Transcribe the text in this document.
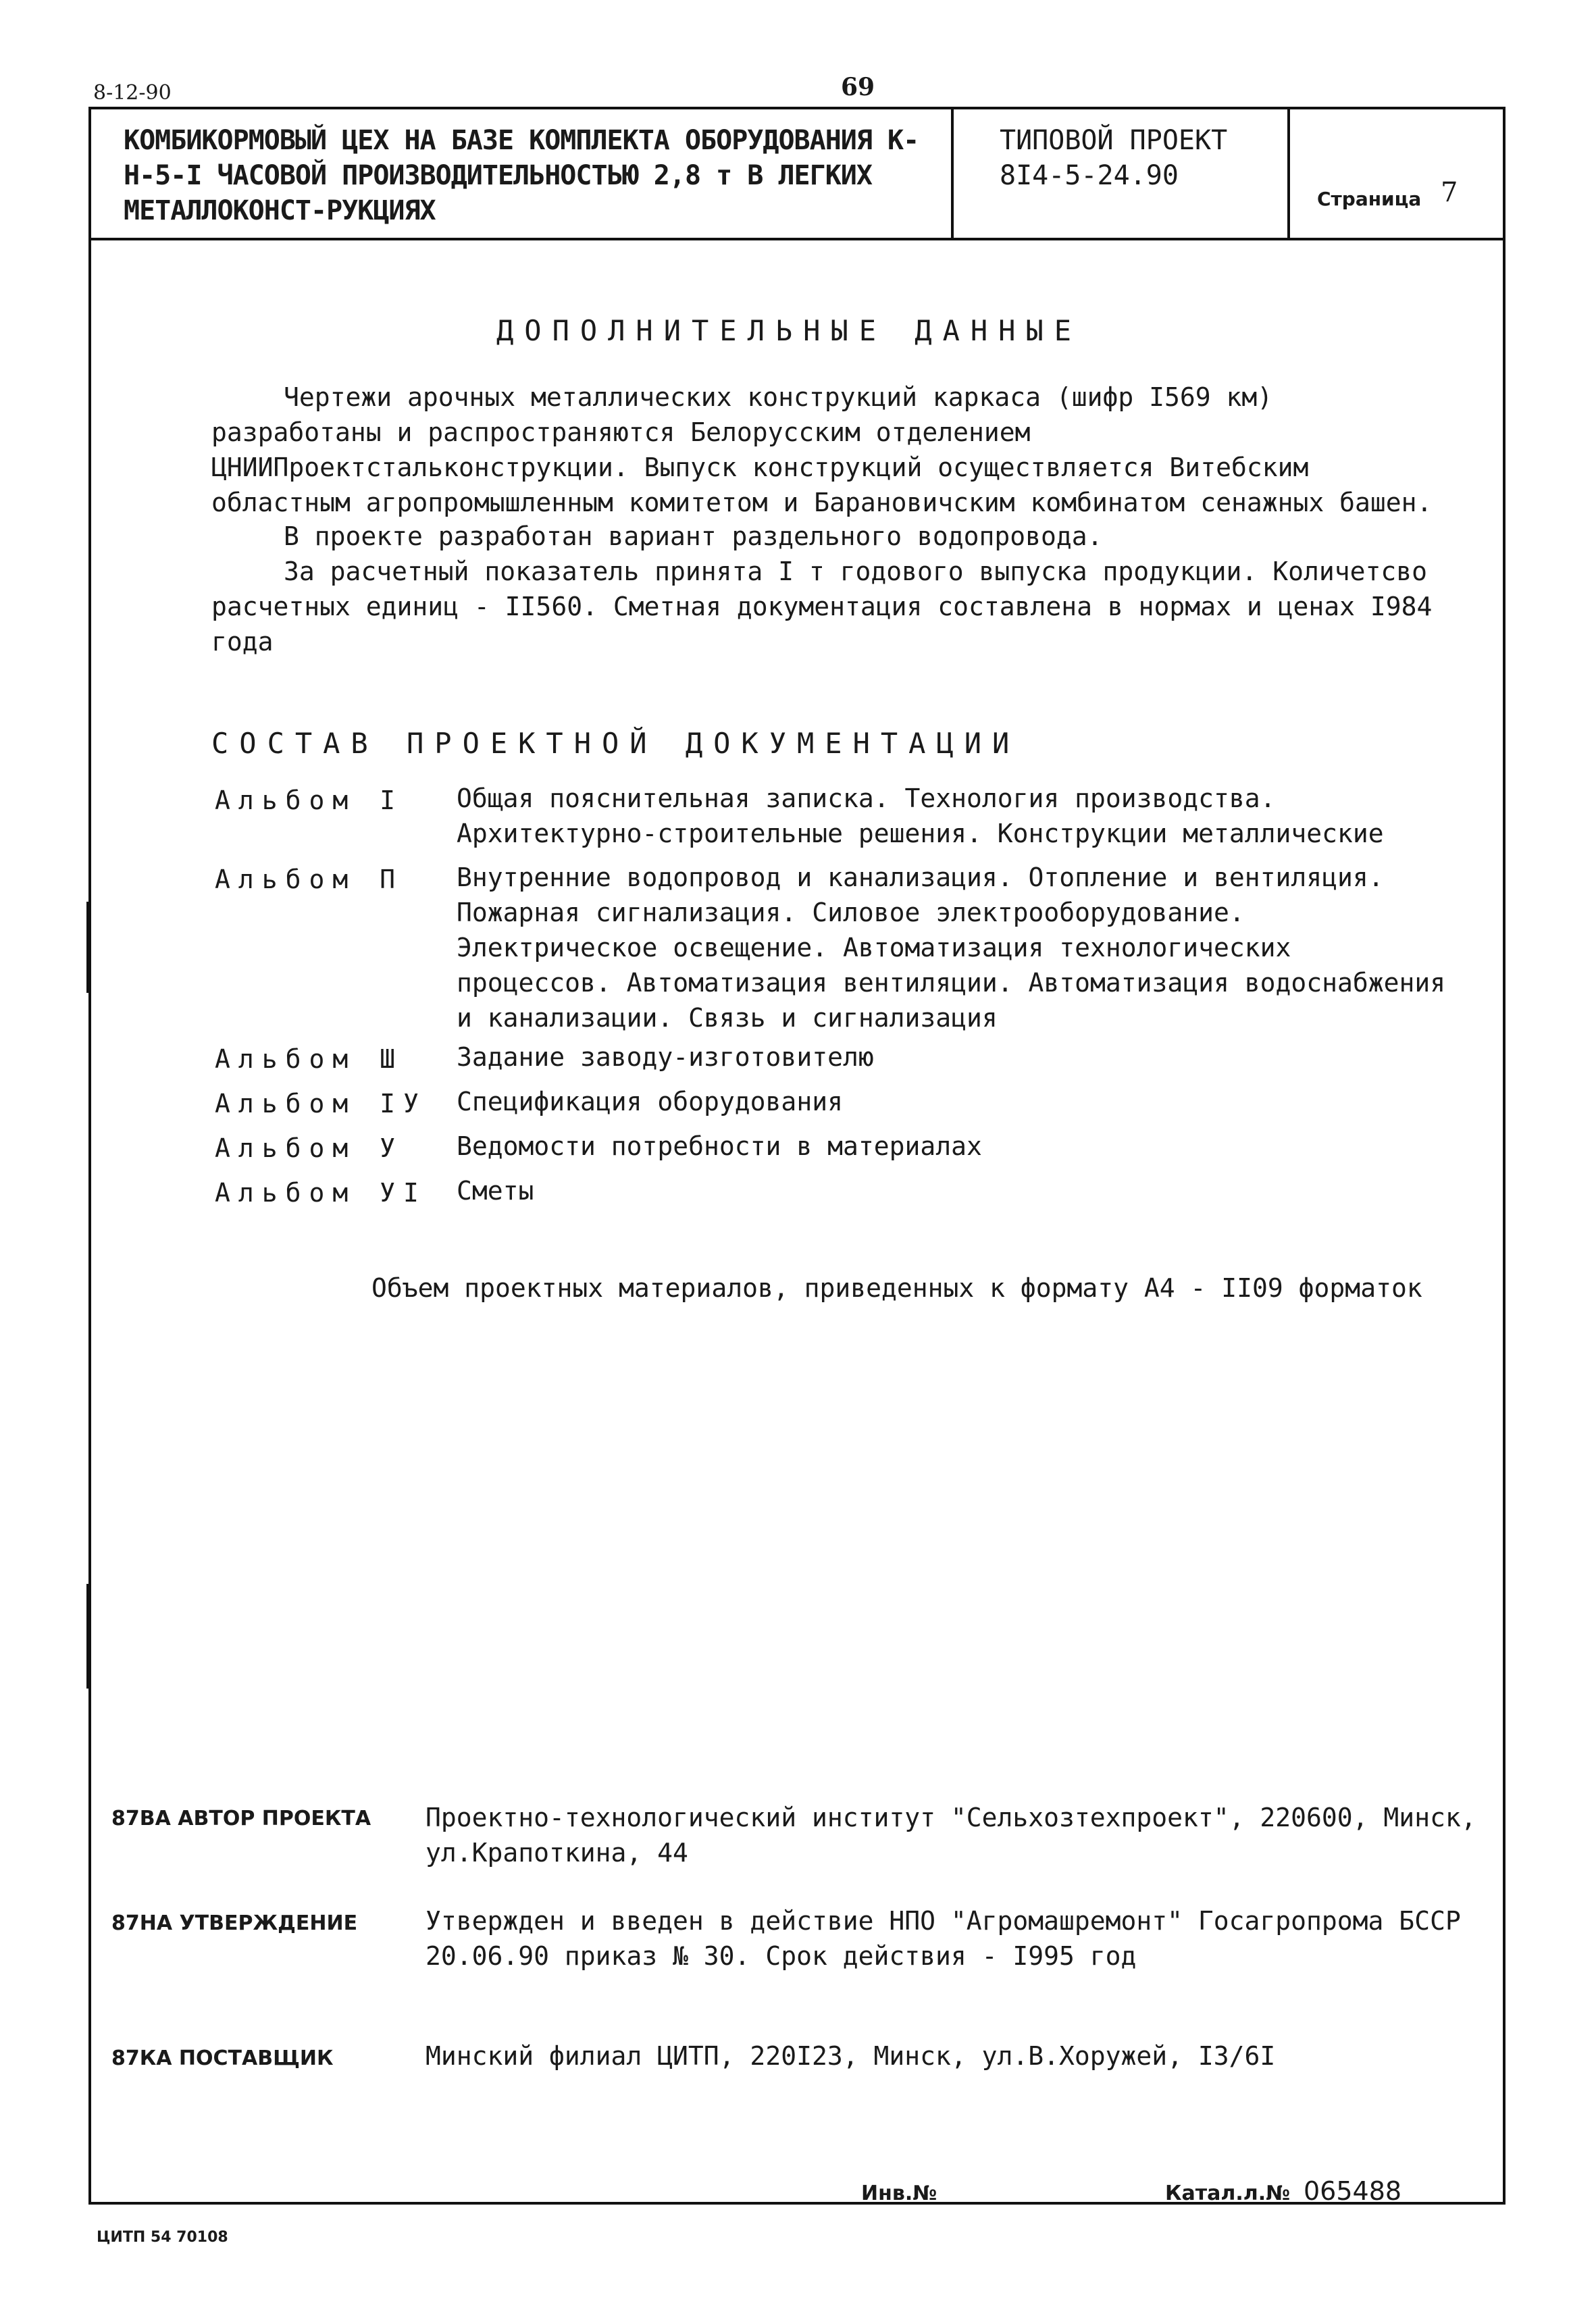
8-12-90	69
КОМБИКОРМОВЫЙ ЦЕХ НА БАЗЕ КОМПЛЕКТА ОБОРУДОВАНИЯ К-Н-5-I ЧАСОВОЙ ПРОИЗВОДИТЕЛЬНОСТЬЮ 2,8 т В ЛЕГКИХ МЕТАЛЛОКОНСТ-РУКЦИЯХ
ТИПОВОЙ ПРОЕКТ
8I4-5-24.90
Страница 7
ДОПОЛНИТЕЛЬНЫЕ ДАННЫЕ
Чертежи арочных металлических конструкций каркаса (шифр I569 км) разработаны и распространяются Белорусским отделением ЦНИИПроектстальконструкции. Выпуск конструкций осуществляется Витебским областным агропромышленным комитетом и Барановичским комбинатом сенажных башен.
В проекте разработан вариант раздельного водопровода.
За расчетный показатель принята I т годового выпуска продукции. Количетсво расчетных единиц - II560. Сметная документация составлена в нормах и ценах I984 года
СОСТАВ ПРОЕКТНОЙ ДОКУМЕНТАЦИИ
Альбом I Общая пояснительная записка. Технология производства. Архитектурно-строительные решения. Конструкции металлические
Альбом П Внутренние водопровод и канализация. Отопление и вентиляция. Пожарная сигнализация. Силовое электрооборудование. Электрическое освещение. Автоматизация технологических процессов. Автоматизация вентиляции. Автоматизация водоснабжения и канализации. Связь и сигнализация
Альбом Ш Задание заводу-изготовителю
Альбом IУ Спецификация оборудования
Альбом У Ведомости потребности в материалах
Альбом УI Сметы
Объем проектных материалов, приведенных к формату А4 - II09 форматок
87ВА АВТОР ПРОЕКТА Проектно-технологический институт "Сельхозтехпроект", 220600, Минск, ул.Крапоткина, 44
87НА УТВЕРЖДЕНИЕ	Утвержден и введен в действие НПО "Агромашремонт" Госагропрома БССР 20.06.90 приказ № 30. Срок действия - I995 год
87КА ПОСТАВЩИК	Минский филиал ЦИТП, 220I23, Минск, ул.В.Хоружей, I3/6I
Инв.№	Катал.л.№ 065488
ЦИТП 54 70108
